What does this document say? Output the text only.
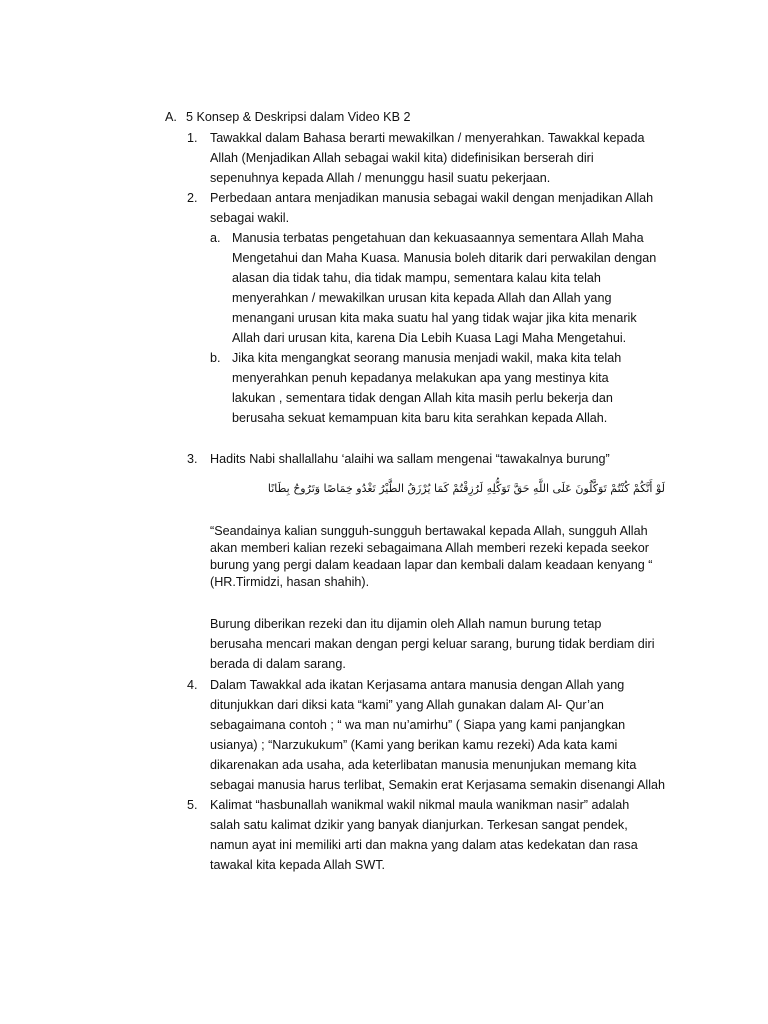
A. 5 Konsep & Deskripsi dalam Video KB 2
1. Tawakkal dalam Bahasa berarti mewakilkan / menyerahkan. Tawakkal kepada
Allah (Menjadikan Allah sebagai wakil kita) didefinisikan berserah diri
sepenuhnya kepada Allah / menunggu hasil suatu pekerjaan.
2. Perbedaan antara menjadikan manusia sebagai wakil dengan menjadikan Allah
sebagai wakil.
a. Manusia terbatas pengetahuan dan kekuasaannya sementara Allah Maha
Mengetahui dan Maha Kuasa. Manusia boleh ditarik dari perwakilan dengan
alasan dia tidak tahu, dia tidak mampu, sementara kalau kita telah
menyerahkan / mewakilkan urusan kita kepada Allah dan Allah yang
menangani urusan kita maka suatu hal yang tidak wajar jika kita menarik
Allah dari urusan kita, karena Dia Lebih Kuasa Lagi Maha Mengetahui.
b. Jika kita mengangkat seorang manusia menjadi wakil, maka kita telah
menyerahkan penuh kepadanya melakukan apa yang mestinya kita
lakukan , sementara tidak dengan Allah kita masih perlu bekerja dan
berusaha sekuat kemampuan kita baru kita serahkan kepada Allah.
3. Hadits Nabi shallallahu ‘alaihi wa sallam mengenai “tawakalnya burung”
لَوْ أَنَّكُمْ كُنْتُمْ تَوَكَّلُونَ عَلَى اللَّهِ حَقَّ تَوَكُّلِهِ لَرُزِقْتُمْ كَمَا يُرْزَقُ الطَّيْرُ تَغْدُو خِمَاصًا وَتَرُوحُ بِطَانًا
“Seandainya kalian sungguh-sungguh bertawakal kepada Allah, sungguh Allah
akan memberi kalian rezeki sebagaimana Allah memberi rezeki kepada seekor
burung yang pergi dalam keadaan lapar dan kembali dalam keadaan kenyang “
(HR.Tirmidzi, hasan shahih).
Burung diberikan rezeki dan itu dijamin oleh Allah namun burung tetap
berusaha mencari makan dengan pergi keluar sarang, burung tidak berdiam diri
berada di dalam sarang.
4. Dalam Tawakkal ada ikatan Kerjasama antara manusia dengan Allah yang
ditunjukkan dari diksi kata “kami” yang Allah gunakan dalam Al- Qur’an
sebagaimana contoh ; “ wa man nu’amirhu” ( Siapa yang kami panjangkan
usianya) ; “Narzukukum” (Kami yang berikan kamu rezeki) Ada kata kami
dikarenakan ada usaha, ada keterlibatan manusia menunjukan memang kita
sebagai manusia harus terlibat, Semakin erat Kerjasama semakin disenangi Allah
5. Kalimat “hasbunallah wanikmal wakil nikmal maula wanikman nasir” adalah
salah satu kalimat dzikir yang banyak dianjurkan. Terkesan sangat pendek,
namun ayat ini memiliki arti dan makna yang dalam atas kedekatan dan rasa
tawakal kita kepada Allah SWT.
